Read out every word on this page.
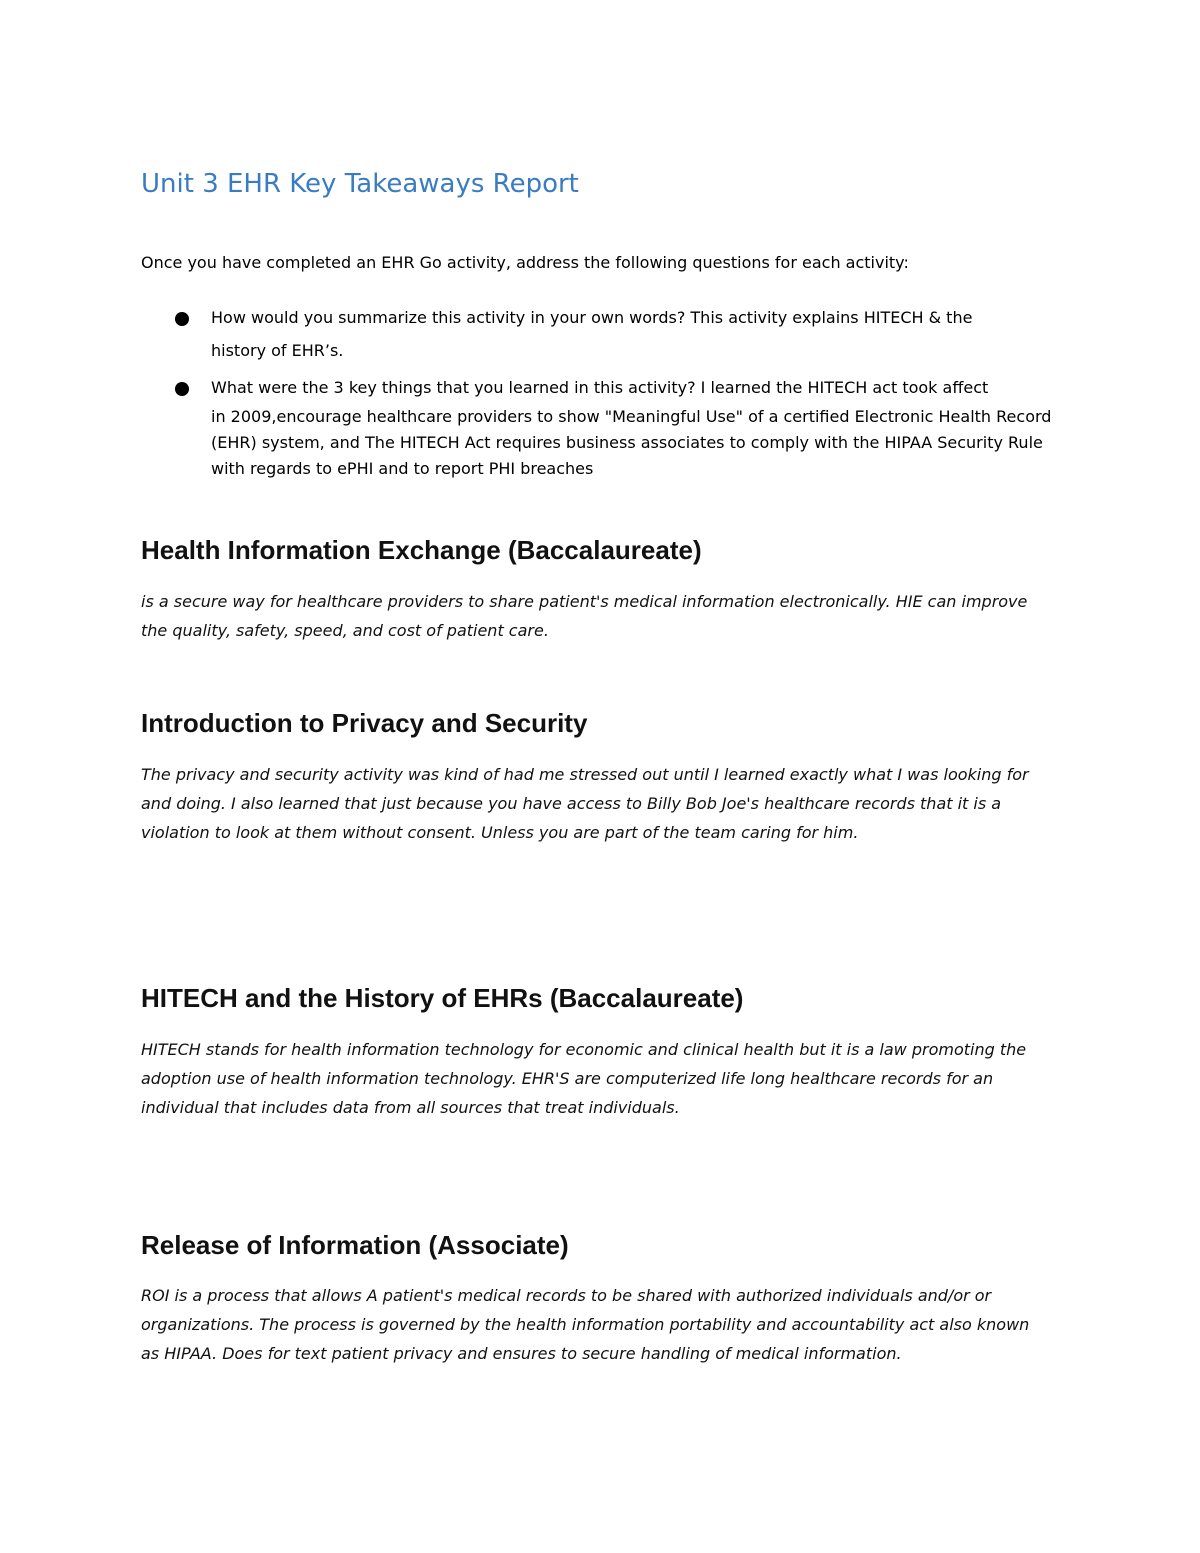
Unit 3 EHR Key Takeaways Report

Once you have completed an EHR Go activity, address the following questions for each activity:

How would you summarize this activity in your own words? This activity explains HITECH & the
history of EHR’s.
What were the 3 key things that you learned in this activity? I learned the HITECH act took affect
in 2009,encourage healthcare providers to show "Meaningful Use" of a certified Electronic Health Record (EHR) system, and The HITECH Act requires business associates to comply with the HIPAA Security Rule with regards to ePHI and to report PHI breaches
Health Information Exchange (Baccalaureate)

is a secure way for healthcare providers to share patient's medical information electronically. HIE can improve the quality, safety, speed, and cost of patient care.

Introduction to Privacy and Security

The privacy and security activity was kind of had me stressed out until I learned exactly what I was looking for and doing. I also learned that just because you have access to Billy Bob Joe's healthcare records that it is a violation to look at them without consent. Unless you are part of the team caring for him.

HITECH and the History of EHRs (Baccalaureate)

HITECH stands for health information technology for economic and clinical health but it is a law promoting the adoption use of health information technology. EHR'S are computerized life long healthcare records for an individual that includes data from all sources that treat individuals.

Release of Information (Associate)

ROI is a process that allows A patient's medical records to be shared with authorized individuals and/or or organizations. The process is governed by the health information portability and accountability act also known as HIPAA. Does for text patient privacy and ensures to secure handling of medical information.
